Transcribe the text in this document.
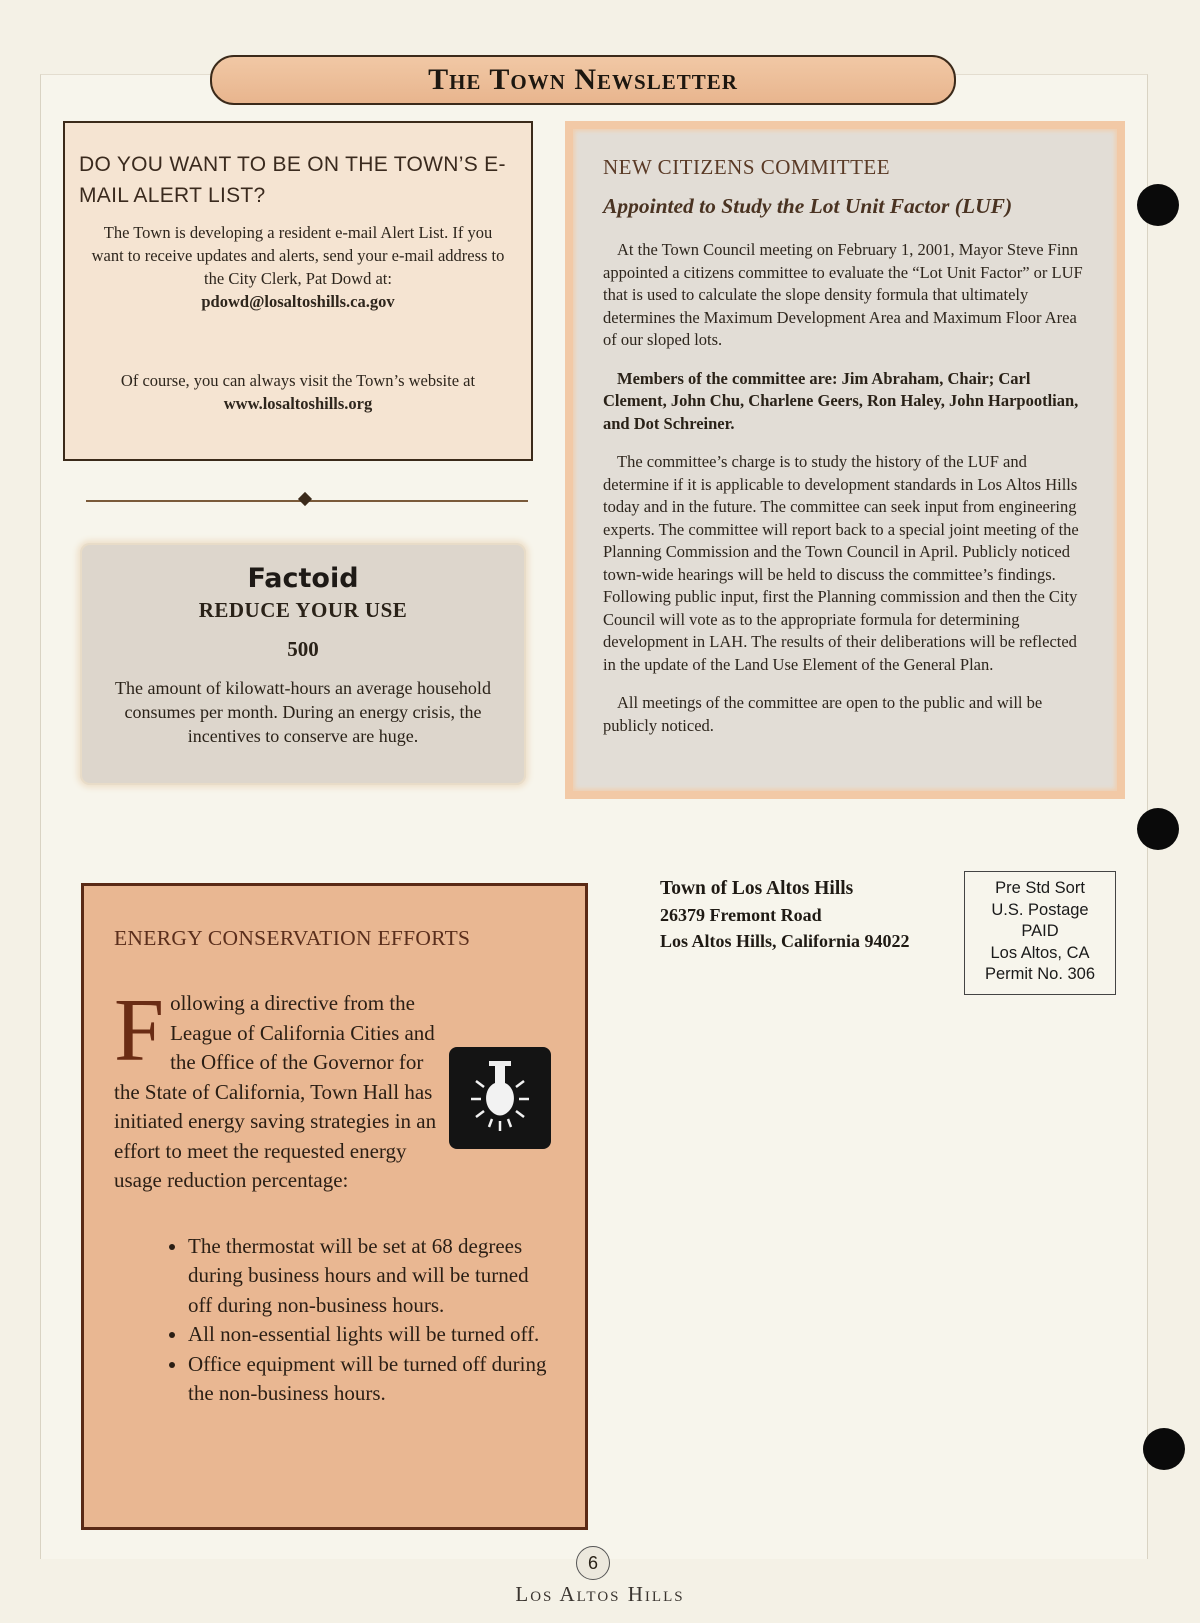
The Town Newsletter
DO YOU WANT TO BE ON THE TOWN’S E-MAIL ALERT LIST?
The Town is developing a resident e-mail Alert List. If you want to receive updates and alerts, send your e-mail address to the City Clerk, Pat Dowd at:
pdowd@losaltoshills.ca.gov
Of course, you can always visit the Town’s website at
www.losaltoshills.org
Factoid
REDUCE YOUR USE
500
The amount of kilowatt-hours an average household consumes per month. During an energy crisis, the incentives to conserve are huge.
NEW CITIZENS COMMITTEE
Appointed to Study the Lot Unit Factor (LUF)
At the Town Council meeting on February 1, 2001, Mayor Steve Finn appointed a citizens committee to evaluate the “Lot Unit Factor” or LUF that is used to calculate the slope density formula that ultimately determines the Maximum Development Area and Maximum Floor Area of our sloped lots.
Members of the committee are: Jim Abraham, Chair; Carl Clement, John Chu, Charlene Geers, Ron Haley, John Harpootlian, and Dot Schreiner.
The committee’s charge is to study the history of the LUF and determine if it is applicable to development standards in Los Altos Hills today and in the future. The committee can seek input from engineering experts. The committee will report back to a special joint meeting of the Planning Commission and the Town Council in April. Publicly noticed town-wide hearings will be held to discuss the committee’s findings. Following public input, first the Planning commission and then the City Council will vote as to the appropriate formula for determining development in LAH. The results of their deliberations will be reflected in the update of the Land Use Element of the General Plan.
All meetings of the committee are open to the public and will be publicly noticed.
ENERGY CONSERVATION EFFORTS
F ollowing a directive from the League of California Cities and the Office of the Governor for the State of California, Town Hall has initiated energy saving strategies in an effort to meet the requested energy usage reduction percentage:
• The thermostat will be set at 68 degrees during business hours and will be turned off during non-business hours.
• All non-essential lights will be turned off.
• Office equipment will be turned off during the non-business hours.
Town of Los Altos Hills
26379 Fremont Road
Los Altos Hills, California 94022
Pre Std Sort
U.S. Postage
PAID
Los Altos, CA
Permit No. 306
6
Los Altos Hills
